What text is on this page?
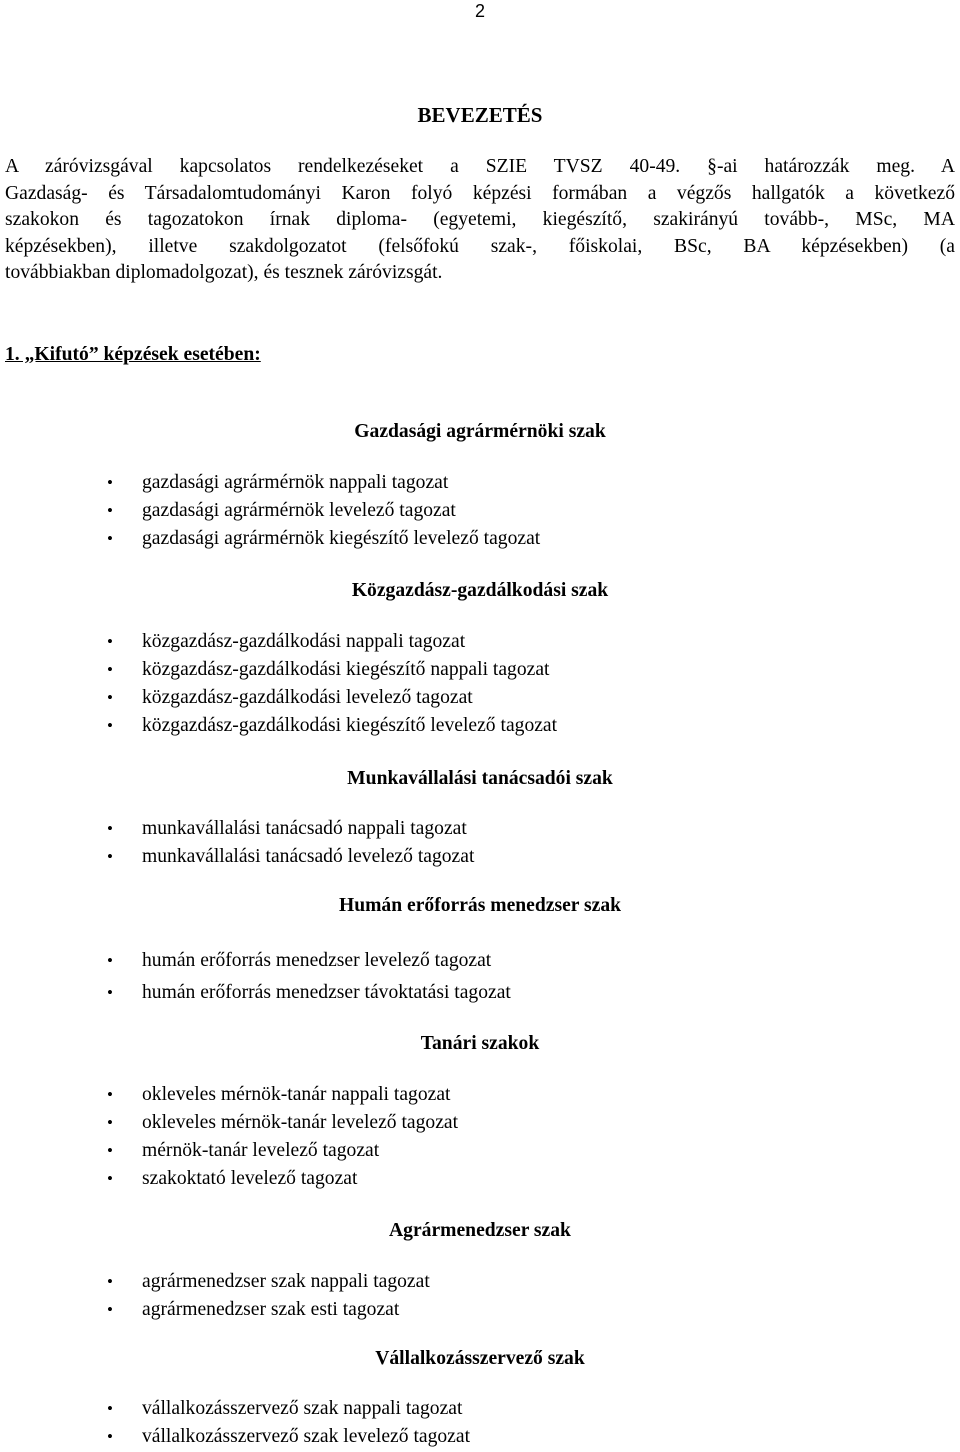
2
BEVEZETÉS
A záróvizsgával kapcsolatos rendelkezéseket a SZIE TVSZ 40-49. §-ai határozzák meg. A
Gazdaság- és Társadalomtudományi Karon folyó képzési formában a végzős hallgatók a következő
szakokon és tagozatokon írnak diploma- (egyetemi, kiegészítő, szakirányú tovább-, MSc, MA
képzésekben), illetve szakdolgozatot (felsőfokú szak-, főiskolai, BSc, BA képzésekben) (a
továbbiakban diplomadolgozat), és tesznek záróvizsgát.
1. „Kifutó” képzések esetében:
Gazdasági agrármérnöki szak
• gazdasági agrármérnök nappali tagozat
• gazdasági agrármérnök levelező tagozat
• gazdasági agrármérnök kiegészítő levelező tagozat
Közgazdász-gazdálkodási szak
• közgazdász-gazdálkodási nappali tagozat
• közgazdász-gazdálkodási kiegészítő nappali tagozat
• közgazdász-gazdálkodási levelező tagozat
• közgazdász-gazdálkodási kiegészítő levelező tagozat
Munkavállalási tanácsadói szak
• munkavállalási tanácsadó nappali tagozat
• munkavállalási tanácsadó levelező tagozat
Humán erőforrás menedzser szak
• humán erőforrás menedzser levelező tagozat
• humán erőforrás menedzser távoktatási tagozat
Tanári szakok
• okleveles mérnök-tanár nappali tagozat
• okleveles mérnök-tanár levelező tagozat
• mérnök-tanár levelező tagozat
• szakoktató levelező tagozat
Agrármenedzser szak
• agrármenedzser szak nappali tagozat
• agrármenedzser szak esti tagozat
Vállalkozásszervező szak
• vállalkozásszervező szak nappali tagozat
• vállalkozásszervező szak levelező tagozat
